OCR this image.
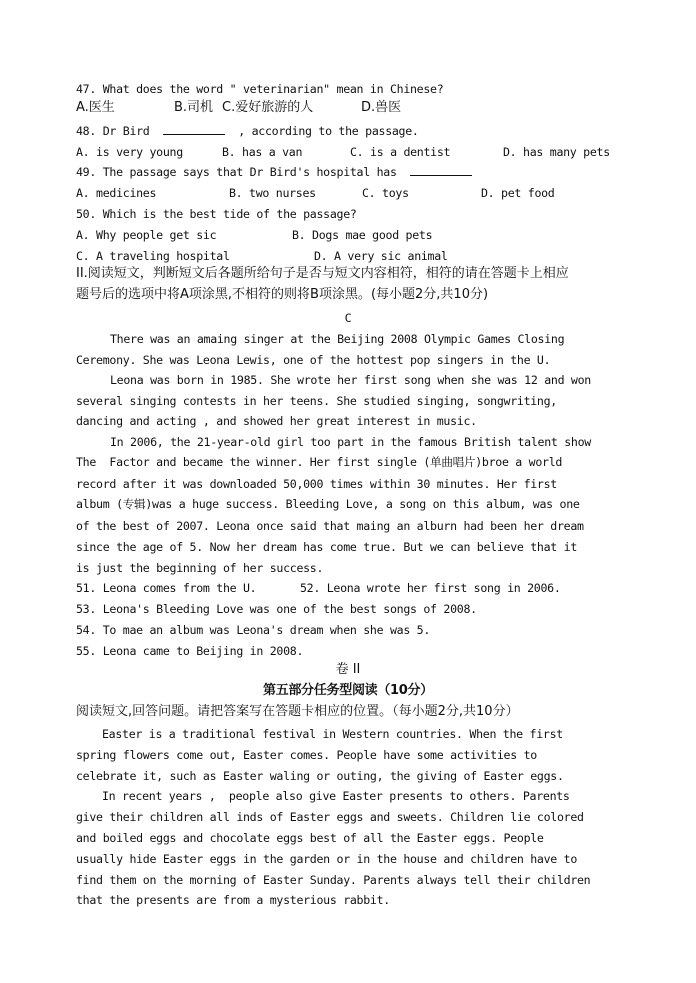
47. What does the word " veterinarian" mean in Chinese?
A.医生	B.司机 C.爱好旅游的人	D.兽医
48. Dr Bird	, according to the passage.
A. is very young	B. has a van	C. is a dentist	D. has many pets
49. The passage says that Dr Bird's hospital has
A. medicines	B. two nurses	C. toys	D. pet food
50. Which is the best tide of the passage?
A. Why people get sic	B. Dogs mae good pets
C. A traveling hospital	D. A very sic animal
II.阅读短文，判断短文后各题所给句子是否与短文内容相符，相符的请在答题卡上相应
题号后的选项中将A项涂黑,不相符的则将B项涂黑。(每小题2分,共10分)
C
There was an amaing singer at the Beijing 2008 Olympic Games Closing
Ceremony. She was Leona Lewis, one of the hottest pop singers in the U.
Leona was born in 1985. She wrote her first song when she was 12 and won
several singing contests in her teens. She studied singing, songwriting,
dancing and acting , and showed her great interest in music.
In 2006, the 21-year-old girl too part in the famous British talent show
The  Factor and became the winner. Her first single (单曲唱片)broe a world
record after it was downloaded 50,000 times within 30 minutes. Her first
album (专辑)was a huge success. Bleeding Love, a song on this album, was one
of the best of 2007. Leona once said that maing an alburn had been her dream
since the age of 5. Now her dream has come true. But we can believe that it
is just the beginning of her success.
51. Leona comes from the U.	52. Leona wrote her first song in 2006.
53. Leona's Bleeding Love was one of the best songs of 2008.
54. To mae an album was Leona's dream when she was 5.
55. Leona came to Beijing in 2008.
卷 II
第五部分任务型阅读（10分）
阅读短文,回答问题。请把答案写在答题卡相应的位置。（每小题2分,共10分）
Easter is a traditional festival in Western countries. When the first
spring flowers come out, Easter comes. People have some activities to
celebrate it, such as Easter waling or outing, the giving of Easter eggs.
In recent years ,  people also give Easter presents to others. Parents
give their children all inds of Easter eggs and sweets. Children lie colored
and boiled eggs and chocolate eggs best of all the Easter eggs. People
usually hide Easter eggs in the garden or in the house and children have to
find them on the morning of Easter Sunday. Parents always tell their children
that the presents are from a mysterious rabbit.
